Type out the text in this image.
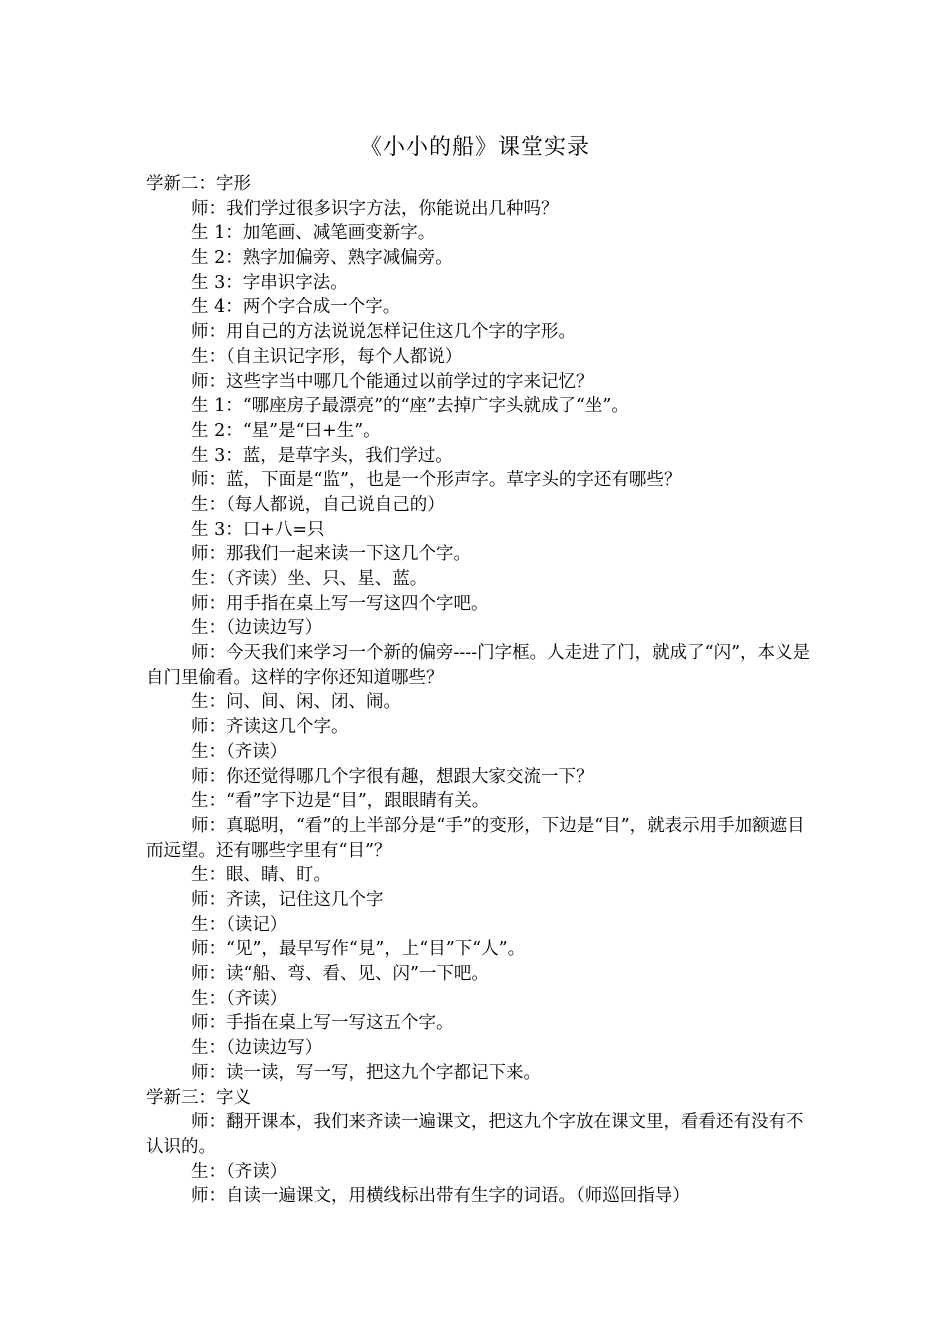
《小小的船》课堂实录
学新二：字形
师：我们学过很多识字方法，你能说出几种吗？
生 1：加笔画、减笔画变新字。
生 2：熟字加偏旁、熟字减偏旁。
生 3：字串识字法。
生 4：两个字合成一个字。
师：用自己的方法说说怎样记住这几个字的字形。
生：（自主识记字形，每个人都说）
师：这些字当中哪几个能通过以前学过的字来记忆？
生 1：“哪座房子最漂亮”的“座”去掉广字头就成了“坐”。
生 2：“星”是“曰+生”。
生 3：蓝，是草字头，我们学过。
师：蓝，下面是“监”，也是一个形声字。草字头的字还有哪些？
生：（每人都说，自己说自己的）
生 3：口+八=只
师：那我们一起来读一下这几个字。
生：（齐读）坐、只、星、蓝。
师：用手指在桌上写一写这四个字吧。
生：（边读边写）
师：今天我们来学习一个新的偏旁----门字框。人走进了门，就成了“闪”，本义是自门里偷看。这样的字你还知道哪些？
生：问、间、闲、闭、闹。
师：齐读这几个字。
生：（齐读）
师：你还觉得哪几个字很有趣，想跟大家交流一下？
生：“看”字下边是“目”，跟眼睛有关。
师：真聪明，“看”的上半部分是“手”的变形，下边是“目”，就表示用手加额遮目而远望。还有哪些字里有“目”？
生：眼、睛、盯。
师：齐读，记住这几个字
生：（读记）
师：“见”，最早写作“見”，上“目”下“人”。
师：读“船、弯、看、见、闪”一下吧。
生：（齐读）
师：手指在桌上写一写这五个字。
生：（边读边写）
师：读一读，写一写，把这九个字都记下来。
学新三：字义
师：翻开课本，我们来齐读一遍课文，把这九个字放在课文里，看看还有没有不认识的。
生：（齐读）
师：自读一遍课文，用横线标出带有生字的词语。（师巡回指导）
